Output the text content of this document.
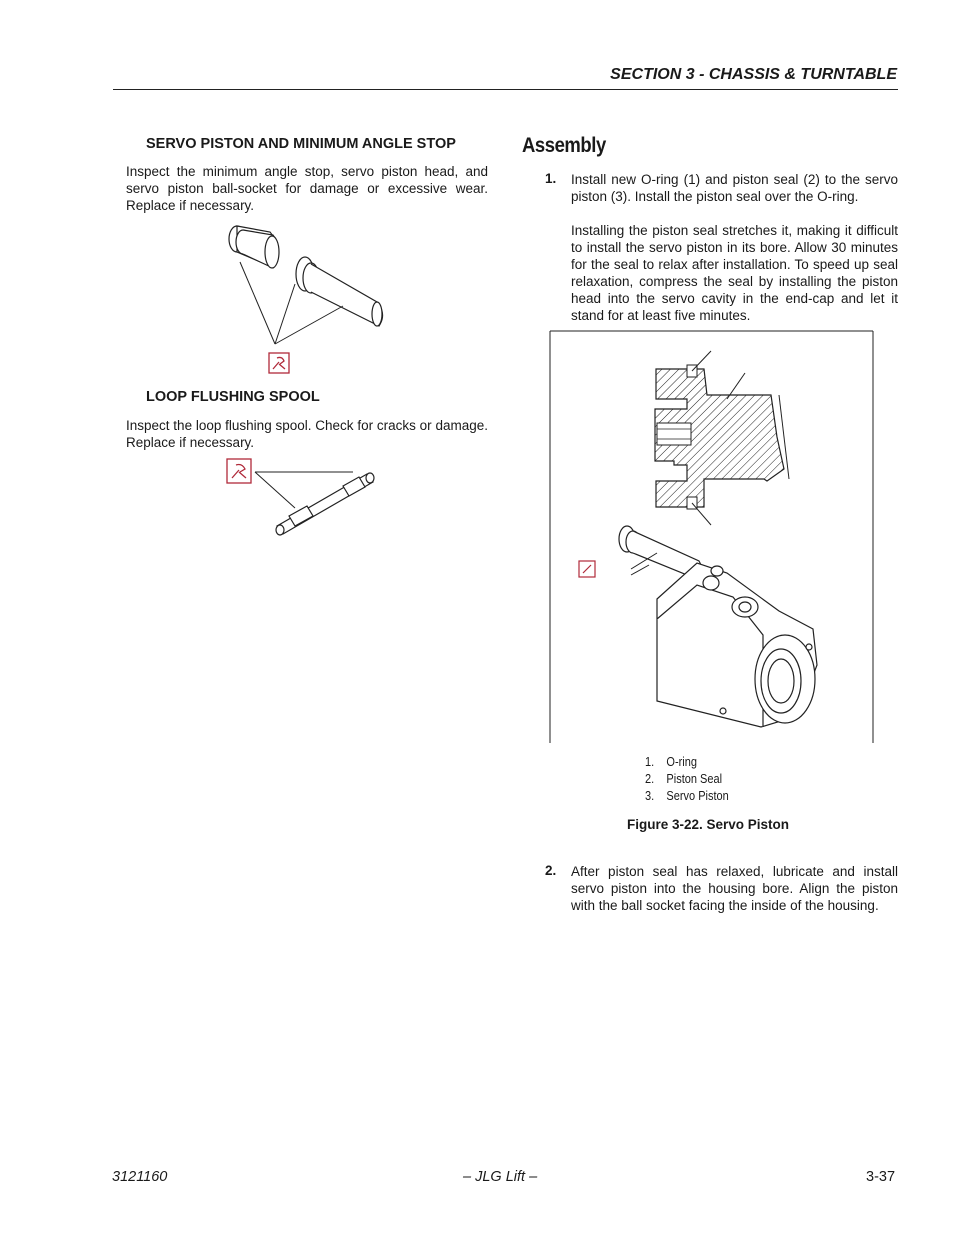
SECTION 3 - CHASSIS & TURNTABLE
SERVO PISTON AND MINIMUM ANGLE STOP
Inspect the minimum angle stop, servo piston head, and servo piston ball-socket for damage or excessive wear. Replace if necessary.
LOOP FLUSHING SPOOL
Inspect the loop flushing spool. Check for cracks or damage. Replace if necessary.
Assembly
1. Install new O-ring (1) and piston seal (2) to the servo piston (3). Install the piston seal over the O-ring.
Installing the piston seal stretches it, making it difficult to install the servo piston in its bore. Allow 30 minutes for the seal to relax after installation. To speed up seal relaxation, compress the seal by installing the piston head into the servo cavity in the end-cap and let it stand for at least five minutes.
1. O-ring
2. Piston Seal
3. Servo Piston
Figure 3-22. Servo Piston
2. After piston seal has relaxed, lubricate and install servo piston into the housing bore. Align the piston with the ball socket facing the inside of the housing.
3121160	– JLG Lift –	3-37
